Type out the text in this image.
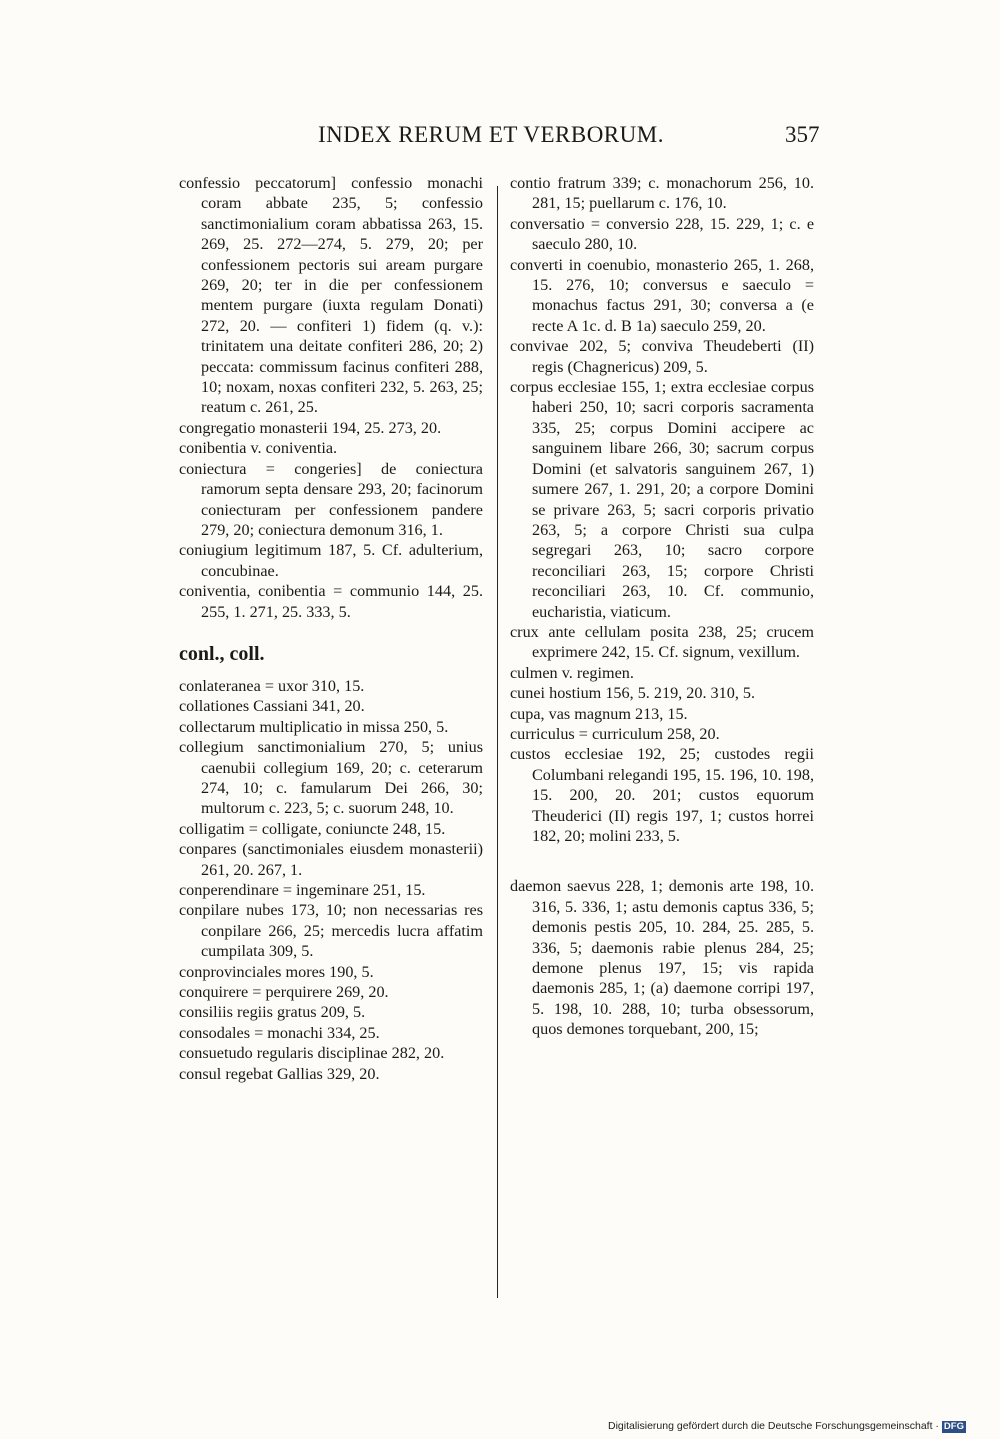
INDEX RERUM ET VERBORUM.	357
confessio peccatorum] confessio monachi coram abbate 235, 5; confessio sanctimonialium coram abbatissa 263, 15. 269, 25. 272—274, 5. 279, 20; per confessionem pectoris sui aream purgare 269, 20; ter in die per confessionem mentem purgare (iuxta regulam Donati) 272, 20. — confiteri 1) fidem (q. v.): trinitatem una deitate confiteri 286, 20; 2) peccata: commissum facinus confiteri 288, 10; noxam, noxas confiteri 232, 5. 263, 25; reatum c. 261, 25.
congregatio monasterii 194, 25. 273, 20.
conibentia v. coniventia.
coniectura = congeries] de coniectura ramorum septa densare 293, 20; facinorum coniecturam per confessionem pandere 279, 20; coniectura demonum 316, 1.
coniugium legitimum 187, 5. Cf. adulterium, concubinae.
coniventia, conibentia = communio 144, 25. 255, 1. 271, 25. 333, 5.
conl., coll.
conlateranea = uxor 310, 15.
collationes Cassiani 341, 20.
collectarum multiplicatio in missa 250, 5.
collegium sanctimonialium 270, 5; unius caenubii collegium 169, 20; c. ceterarum 274, 10; c. famularum Dei 266, 30; multorum c. 223, 5; c. suorum 248, 10.
colligatim = colligate, coniuncte 248, 15.
conpares (sanctimoniales eiusdem monasterii) 261, 20. 267, 1.
conperendinare = ingeminare 251, 15.
conpilare nubes 173, 10; non necessarias res conpilare 266, 25; mercedis lucra affatim cumpilata 309, 5.
conprovinciales mores 190, 5.
conquirere = perquirere 269, 20.
consiliis regiis gratus 209, 5.
consodales = monachi 334, 25.
consuetudo regularis disciplinae 282, 20.
consul regebat Gallias 329, 20.
contio fratrum 339; c. monachorum 256, 10. 281, 15; puellarum c. 176, 10.
conversatio = conversio 228, 15. 229, 1; c. e saeculo 280, 10.
converti in coenubio, monasterio 265, 1. 268, 15. 276, 10; conversus e saeculo = monachus factus 291, 30; conversa a (e recte A 1c. d. B 1a) saeculo 259, 20.
convivae 202, 5; conviva Theudeberti (II) regis (Chagnericus) 209, 5.
corpus ecclesiae 155, 1; extra ecclesiae corpus haberi 250, 10; sacri corporis sacramenta 335, 25; corpus Domini accipere ac sanguinem libare 266, 30; sacrum corpus Domini (et salvatoris sanguinem 267, 1) sumere 267, 1. 291, 20; a corpore Domini se privare 263, 5; sacri corporis privatio 263, 5; a corpore Christi sua culpa segregari 263, 10; sacro corpore reconciliari 263, 15; corpore Christi reconciliari 263, 10. Cf. communio, eucharistia, viaticum.
crux ante cellulam posita 238, 25; crucem exprimere 242, 15. Cf. signum, vexillum.
culmen v. regimen.
cunei hostium 156, 5. 219, 20. 310, 5.
cupa, vas magnum 213, 15.
curriculus = curriculum 258, 20.
custos ecclesiae 192, 25; custodes regii Columbani relegandi 195, 15. 196, 10. 198, 15. 200, 20. 201; custos equorum Theuderici (II) regis 197, 1; custos horrei 182, 20; molini 233, 5.
daemon saevus 228, 1; demonis arte 198, 10. 316, 5. 336, 1; astu demonis captus 336, 5; demonis pestis 205, 10. 284, 25. 285, 5. 336, 5; daemonis rabie plenus 284, 25; demone plenus 197, 15; vis rapida daemonis 285, 1; (a) daemone corripi 197, 5. 198, 10. 288, 10; turba obsessorum, quos demones torquebant, 200, 15;
Digitalisierung gefördert durch die Deutsche Forschungsgemeinschaft · DFG
